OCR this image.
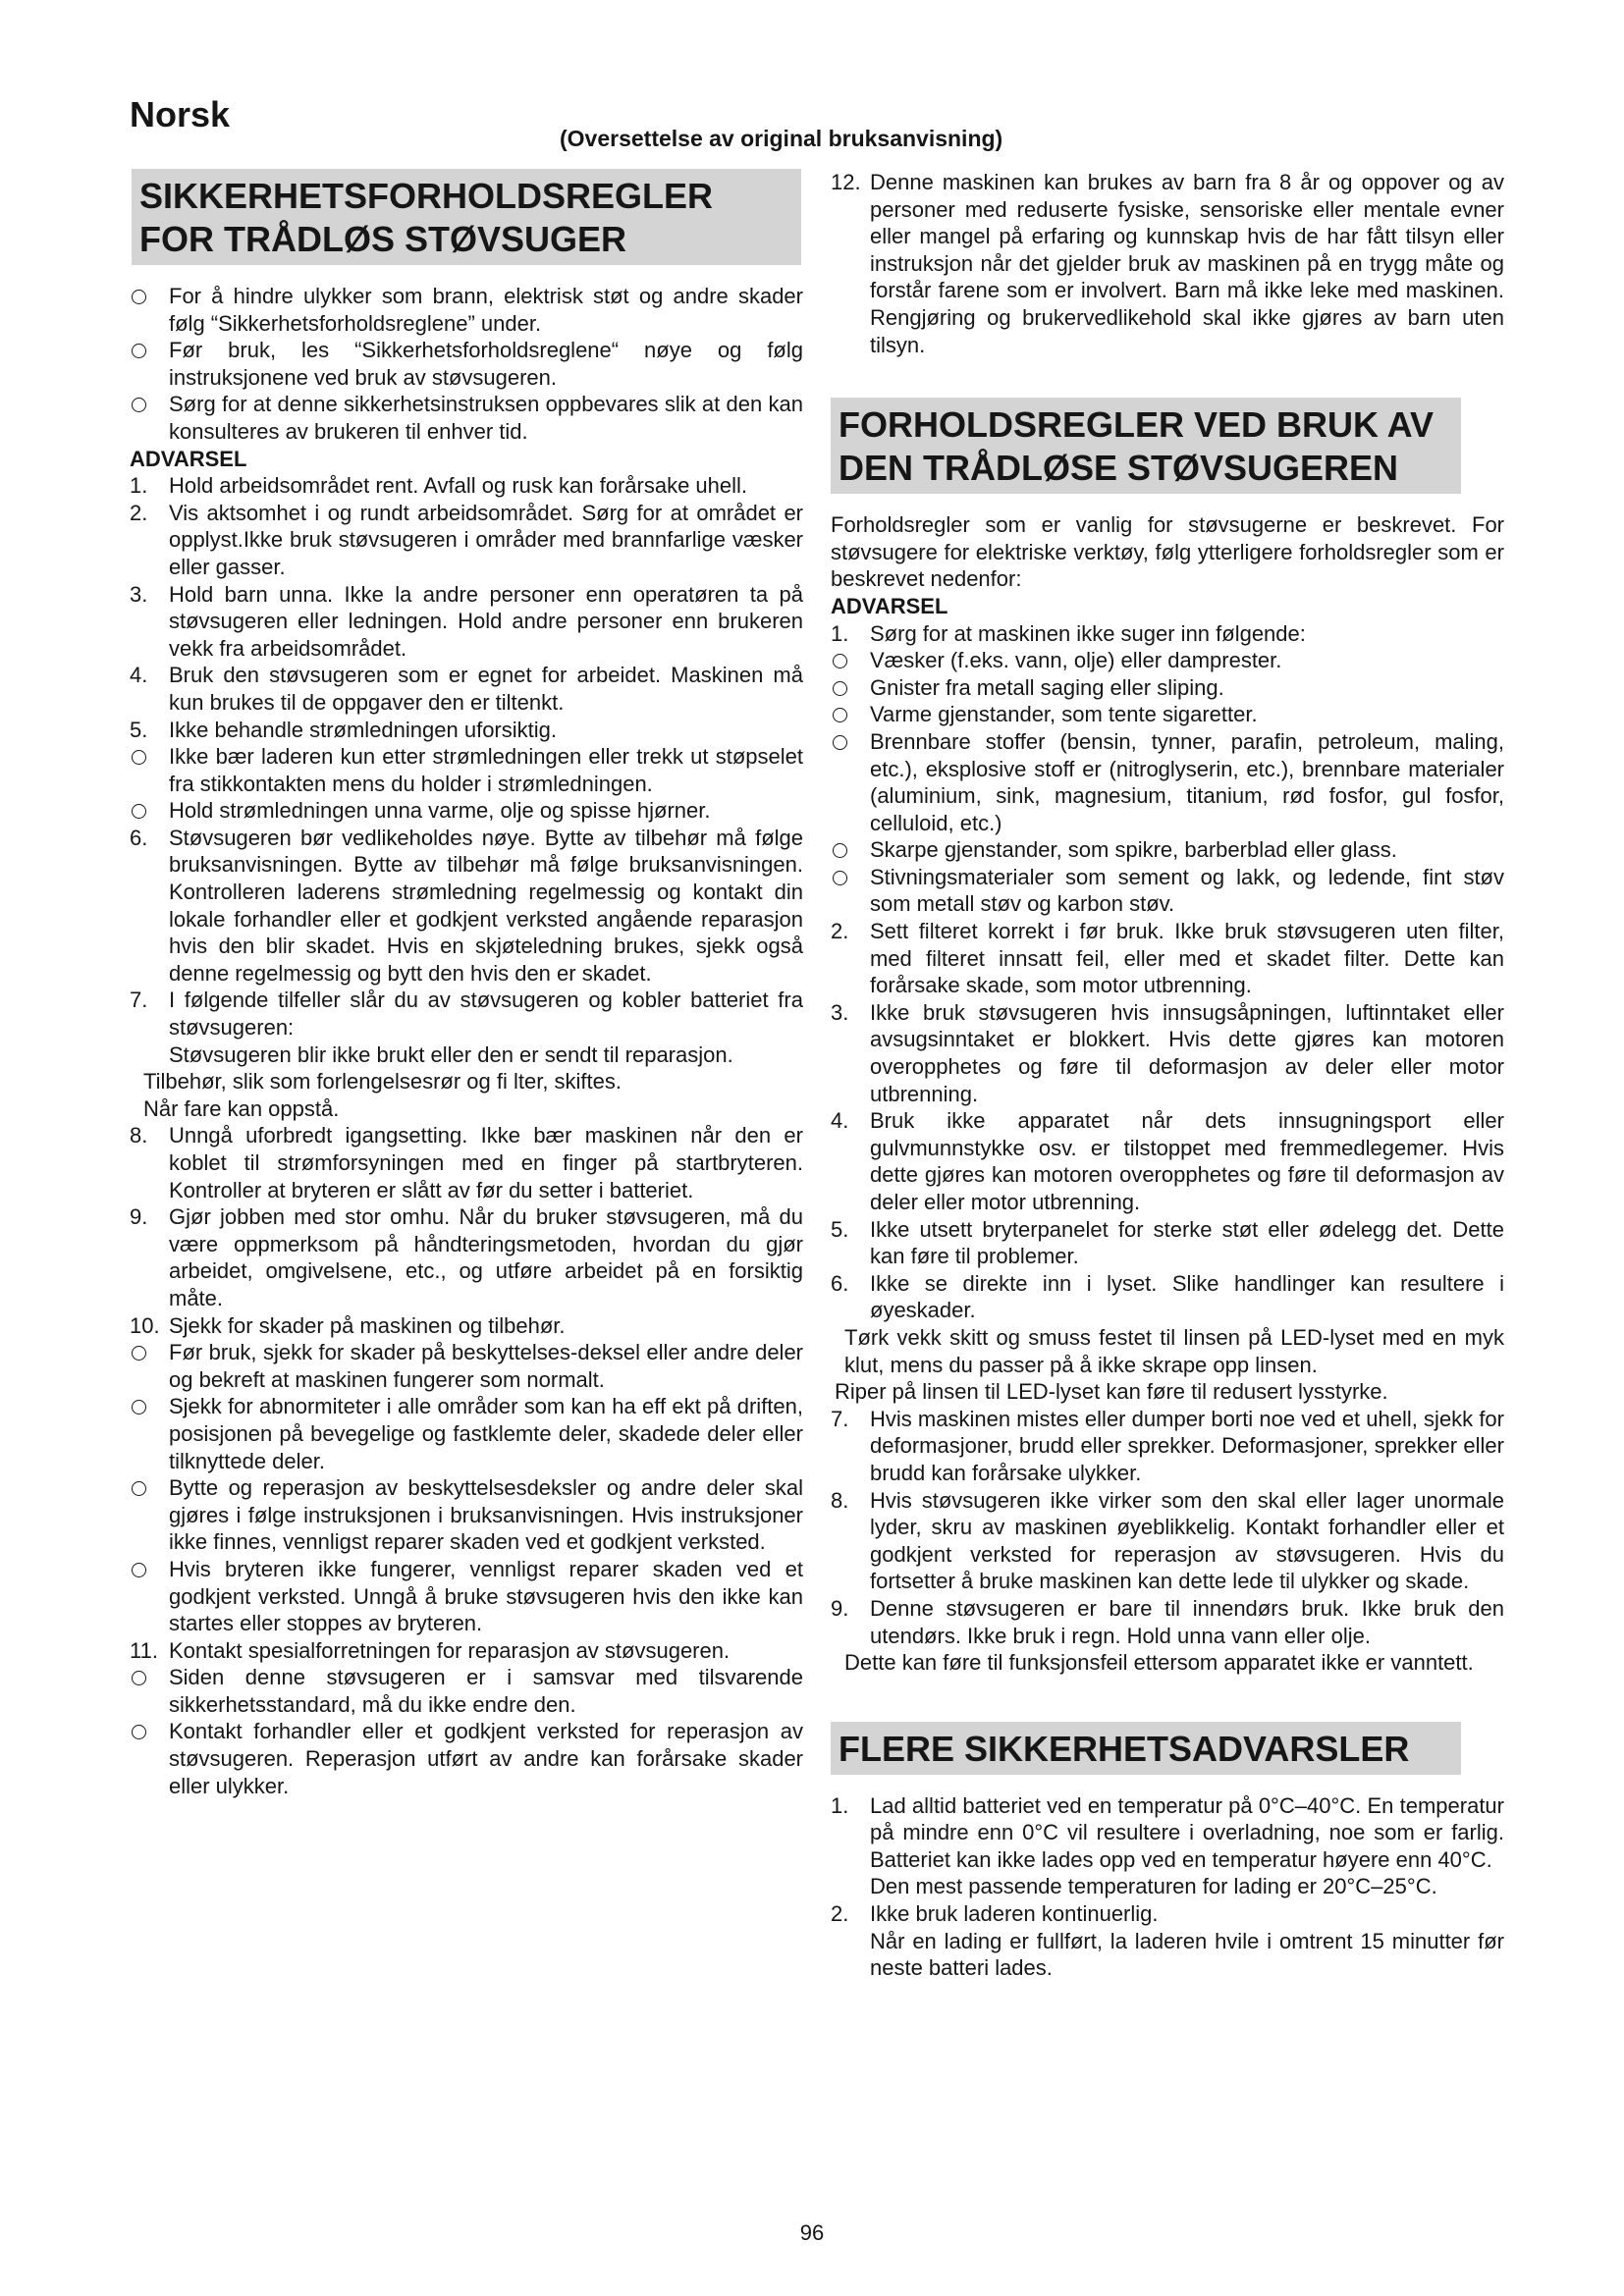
Norsk
(Oversettelse av original bruksanvisning)
SIKKERHETSFORHOLDSREGLER FOR TRÅDLØS STØVSUGER
For å hindre ulykker som brann, elektrisk støt og andre skader følg “Sikkerhetsforholdsreglene” under.
Før bruk, les “Sikkerhetsforholdsreglene“ nøye og følg instruksjonene ved bruk av støvsugeren.
Sørg for at denne sikkerhetsinstruksen oppbevares slik at den kan konsulteres av brukeren til enhver tid.
ADVARSEL
1. Hold arbeidsområdet rent. Avfall og rusk kan forårsake uhell.
2. Vis aktsomhet i og rundt arbeidsområdet. Sørg for at området er opplyst.Ikke bruk støvsugeren i områder med brannfarlige væsker eller gasser.
3. Hold barn unna. Ikke la andre personer enn operatøren ta på støvsugeren eller ledningen. Hold andre personer enn brukeren vekk fra arbeidsområdet.
4. Bruk den støvsugeren som er egnet for arbeidet. Maskinen må kun brukes til de oppgaver den er tiltenkt.
5. Ikke behandle strømledningen uforsiktig.
Ikke bær laderen kun etter strømledningen eller trekk ut støpselet fra stikkontakten mens du holder i strømledningen.
Hold strømledningen unna varme, olje og spisse hjørner.
6. Støvsugeren bør vedlikeholdes nøye. Bytte av tilbehør må følge bruksanvisningen. Bytte av tilbehør må følge bruksanvisningen. Kontrolleren laderens strømledning regelmessig og kontakt din lokale forhandler eller et godkjent verksted angående reparasjon hvis den blir skadet. Hvis en skjøteledning brukes, sjekk også denne regelmessig og bytt den hvis den er skadet.
7. I følgende tilfeller slår du av støvsugeren og kobler batteriet fra støvsugeren:
Støvsugeren blir ikke brukt eller den er sendt til reparasjon.
Tilbehør, slik som forlengelsesrør og fi lter, skiftes.
Når fare kan oppstå.
8. Unngå uforbredt igangsetting. Ikke bær maskinen når den er koblet til strømforsyningen med en finger på startbryteren. Kontroller at bryteren er slått av før du setter i batteriet.
9. Gjør jobben med stor omhu. Når du bruker støvsugeren, må du være oppmerksom på håndteringsmetoden, hvordan du gjør arbeidet, omgivelsene, etc., og utføre arbeidet på en forsiktig måte.
10. Sjekk for skader på maskinen og tilbehør.
Før bruk, sjekk for skader på beskyttelses-deksel eller andre deler og bekreft at maskinen fungerer som normalt.
Sjekk for abnormiteter i alle områder som kan ha eff ekt på driften, posisjonen på bevegelige og fastklemte deler, skadede deler eller tilknyttede deler.
Bytte og reperasjon av beskyttelsesdeksler og andre deler skal gjøres i følge instruksjonen i bruksanvisningen. Hvis instruksjoner ikke finnes, vennligst reparer skaden ved et godkjent verksted.
Hvis bryteren ikke fungerer, vennligst reparer skaden ved et godkjent verksted. Unngå å bruke støvsugeren hvis den ikke kan startes eller stoppes av bryteren.
11. Kontakt spesialforretningen for reparasjon av støvsugeren.
Siden denne støvsugeren er i samsvar med tilsvarende sikkerhetsstandard, må du ikke endre den.
Kontakt forhandler eller et godkjent verksted for reperasjon av støvsugeren. Reperasjon utført av andre kan forårsake skader eller ulykker.
12. Denne maskinen kan brukes av barn fra 8 år og oppover og av personer med reduserte fysiske, sensoriske eller mentale evner eller mangel på erfaring og kunnskap hvis de har fått tilsyn eller instruksjon når det gjelder bruk av maskinen på en trygg måte og forstår farene som er involvert. Barn må ikke leke med maskinen. Rengjøring og brukervedlikehold skal ikke gjøres av barn uten tilsyn.
FORHOLDSREGLER VED BRUK AV DEN TRÅDLØSE STØVSUGEREN
Forholdsregler som er vanlig for støvsugerne er beskrevet. For støvsugere for elektriske verktøy, følg ytterligere forholdsregler som er beskrevet nedenfor:
ADVARSEL
1. Sørg for at maskinen ikke suger inn følgende:
Væsker (f.eks. vann, olje) eller damprester.
Gnister fra metall saging eller sliping.
Varme gjenstander, som tente sigaretter.
Brennbare stoffer (bensin, tynner, parafin, petroleum, maling, etc.), eksplosive stoff er (nitroglyserin, etc.), brennbare materialer (aluminium, sink, magnesium, titanium, rød fosfor, gul fosfor, celluloid, etc.)
Skarpe gjenstander, som spikre, barberblad eller glass.
Stivningsmaterialer som sement og lakk, og ledende, fint støv som metall støv og karbon støv.
2. Sett filteret korrekt i før bruk. Ikke bruk støvsugeren uten filter, med filteret innsatt feil, eller med et skadet filter. Dette kan forårsake skade, som motor utbrenning.
3. Ikke bruk støvsugeren hvis innsugsåpningen, luftinntaket eller avsugsinntaket er blokkert. Hvis dette gjøres kan motoren overopphetes og føre til deformasjon av deler eller motor utbrenning.
4. Bruk ikke apparatet når dets innsugningsport eller gulvmunnstykke osv. er tilstoppet med fremmedlegemer. Hvis dette gjøres kan motoren overopphetes og føre til deformasjon av deler eller motor utbrenning.
5. Ikke utsett bryterpanelet for sterke støt eller ødelegg det. Dette kan føre til problemer.
6. Ikke se direkte inn i lyset. Slike handlinger kan resultere i øyeskader.
Tørk vekk skitt og smuss festet til linsen på LED-lyset med en myk klut, mens du passer på å ikke skrape opp linsen.
Riper på linsen til LED-lyset kan føre til redusert lysstyrke.
7. Hvis maskinen mistes eller dumper borti noe ved et uhell, sjekk for deformasjoner, brudd eller sprekker. Deformasjoner, sprekker eller brudd kan forårsake ulykker.
8. Hvis støvsugeren ikke virker som den skal eller lager unormale lyder, skru av maskinen øyeblikkelig. Kontakt forhandler eller et godkjent verksted for reperasjon av støvsugeren. Hvis du fortsetter å bruke maskinen kan dette lede til ulykker og skade.
9. Denne støvsugeren er bare til innendørs bruk. Ikke bruk den utendørs. Ikke bruk i regn. Hold unna vann eller olje.
Dette kan føre til funksjonsfeil ettersom apparatet ikke er vanntett.
FLERE SIKKERHETSADVARSLER
1. Lad alltid batteriet ved en temperatur på 0°C–40°C. En temperatur på mindre enn 0°C vil resultere i overladning, noe som er farlig. Batteriet kan ikke lades opp ved en temperatur høyere enn 40°C.
Den mest passende temperaturen for lading er 20°C–25°C.
2. Ikke bruk laderen kontinuerlig.
Når en lading er fullført, la laderen hvile i omtrent 15 minutter før neste batteri lades.
96
